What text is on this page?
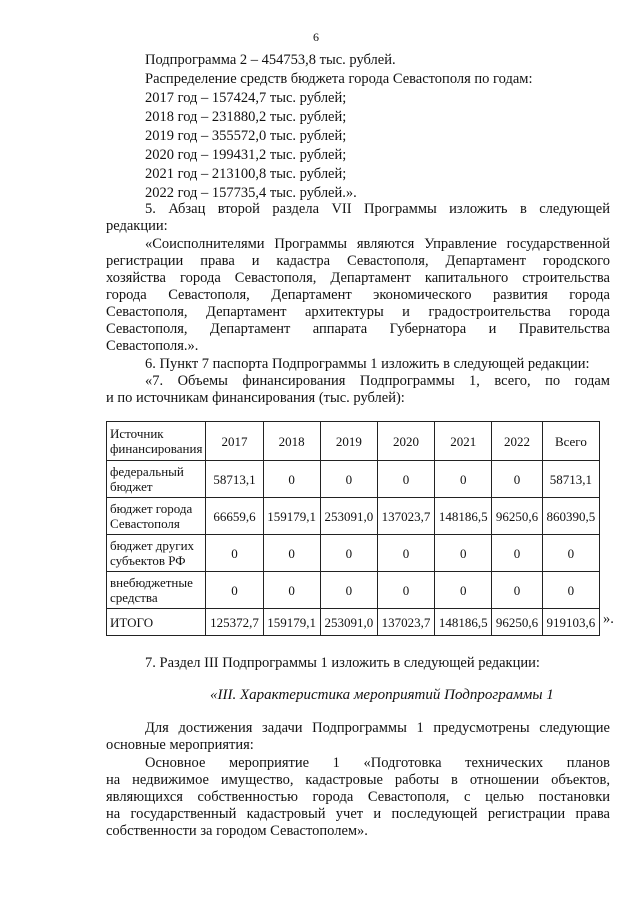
6
Подпрограмма 2 – 454753,8 тыс. рублей.
Распределение средств бюджета города Севастополя по годам:
2017 год – 157424,7 тыс. рублей;
2018 год – 231880,2 тыс. рублей;
2019 год – 355572,0 тыс. рублей;
2020 год – 199431,2 тыс. рублей;
2021 год – 213100,8 тыс. рублей;
2022 год – 157735,4 тыс. рублей.».
5. Абзац второй раздела VII Программы изложить в следующей
редакции:
«Соисполнителями Программы являются Управление государственной
регистрации права и кадастра Севастополя, Департамент городского
хозяйства города Севастополя, Департамент капитального строительства
города Севастополя, Департамент экономического развития города
Севастополя, Департамент архитектуры и градостроительства города
Севастополя, Департамент аппарата Губернатора и Правительства
Севастополя.».
6. Пункт 7 паспорта Подпрограммы 1 изложить в следующей редакции:
«7. Объемы финансирования Подпрограммы 1, всего, по годам
и по источникам финансирования (тыс. рублей):
Источник финансирования	2017	2018	2019	2020	2021	2022	Всего
федеральный бюджет	58713,1	0	0	0	0	0	58713,1
бюджет города Севастополя	66659,6	159179,1	253091,0	137023,7	148186,5	96250,6	860390,5
бюджет других субъектов РФ	0	0	0	0	0	0	0
внебюджетные средства	0	0	0	0	0	0	0
ИТОГО	125372,7	159179,1	253091,0	137023,7	148186,5	96250,6	919103,6 ».
7. Раздел III Подпрограммы 1 изложить в следующей редакции:
«III. Характеристика мероприятий Подпрограммы 1
Для достижения задачи Подпрограммы 1 предусмотрены следующие
основные мероприятия:
Основное мероприятие 1 «Подготовка технических планов
на недвижимое имущество, кадастровые работы в отношении объектов,
являющихся собственностью города Севастополя, с целью постановки
на государственный кадастровый учет и последующей регистрации права
собственности за городом Севастополем».
